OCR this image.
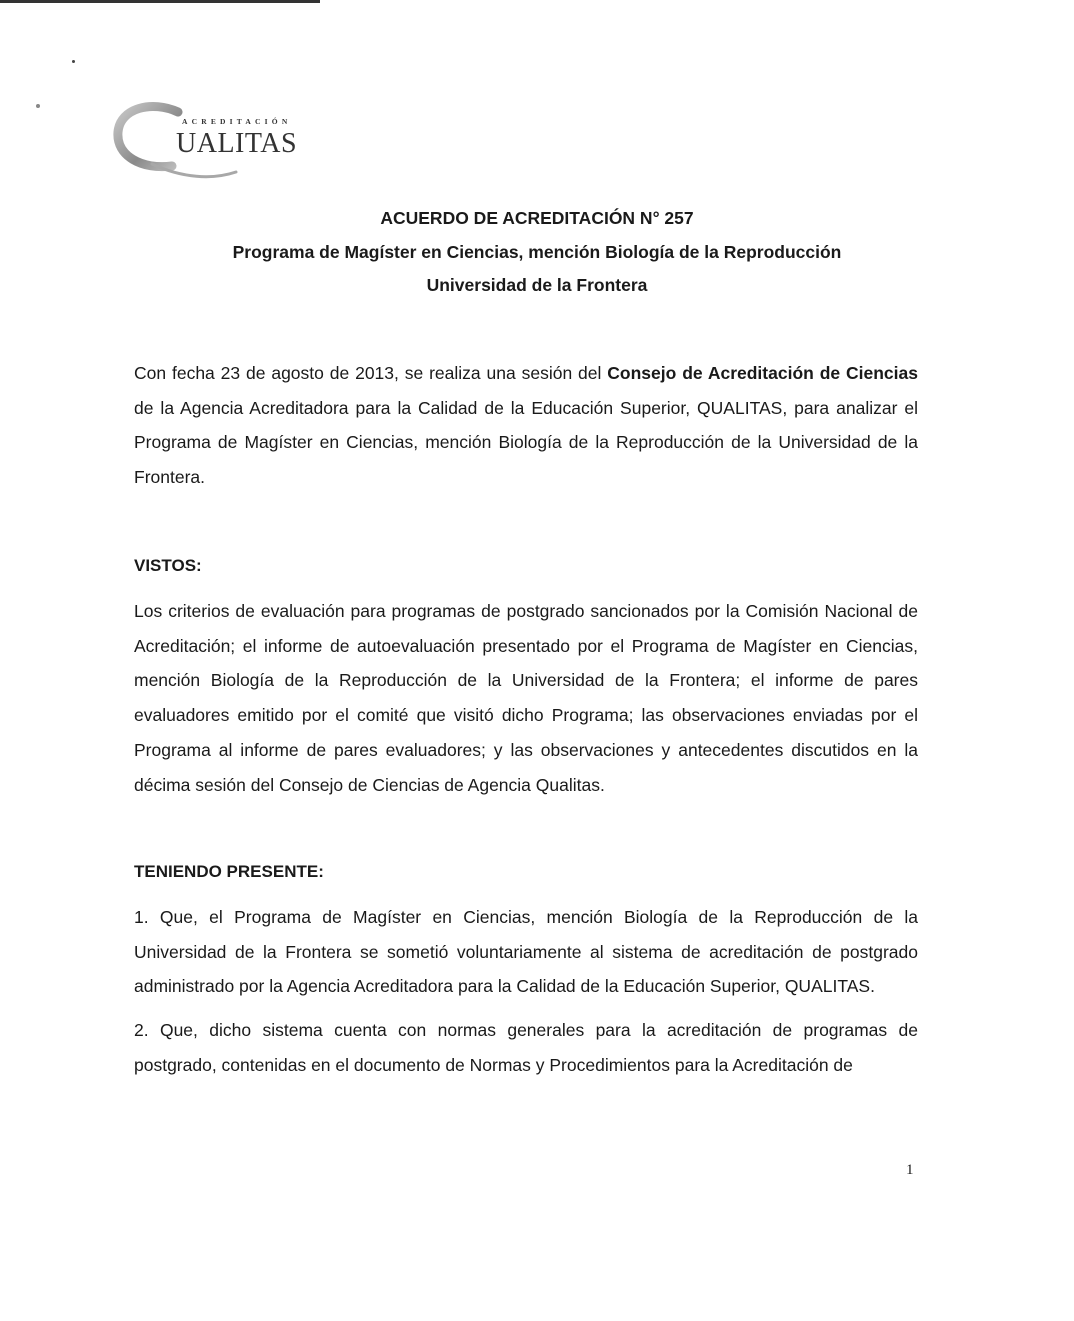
ACREDITACIÓN
UALITAS
ACUERDO DE ACREDITACIÓN N° 257
Programa de Magíster en Ciencias, mención Biología de la Reproducción
Universidad de la Frontera
Con fecha 23 de agosto de 2013, se realiza una sesión del Consejo de Acreditación de Ciencias de la Agencia Acreditadora para la Calidad de la Educación Superior, QUALITAS, para analizar el Programa de Magíster en Ciencias, mención Biología de la Reproducción de la Universidad de la Frontera.
VISTOS:
Los criterios de evaluación para programas de postgrado sancionados por la Comisión Nacional de Acreditación; el informe de autoevaluación presentado por el Programa de Magíster en Ciencias, mención Biología de la Reproducción de la Universidad de la Frontera; el informe de pares evaluadores emitido por el comité que visitó dicho Programa; las observaciones enviadas por el Programa al informe de pares evaluadores; y las observaciones y antecedentes discutidos en la décima sesión del Consejo de Ciencias de Agencia Qualitas.
TENIENDO PRESENTE:
1. Que, el Programa de Magíster en Ciencias, mención Biología de la Reproducción de la Universidad de la Frontera se sometió voluntariamente al sistema de acreditación de postgrado administrado por la Agencia Acreditadora para la Calidad de la Educación Superior, QUALITAS.
2. Que, dicho sistema cuenta con normas generales para la acreditación de programas de postgrado, contenidas en el documento de Normas y Procedimientos para la Acreditación de
1
